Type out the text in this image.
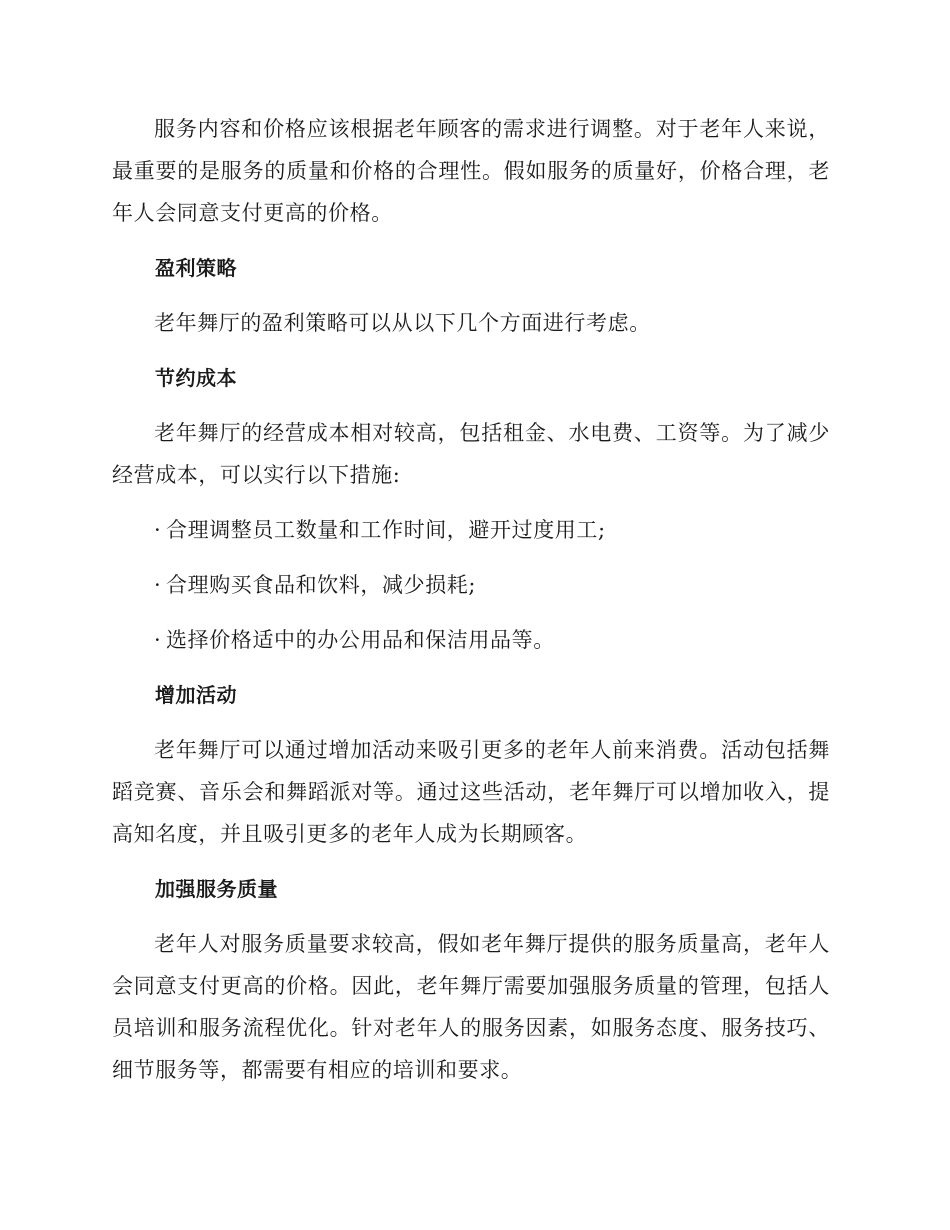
服务内容和价格应该根据老年顾客的需求进行调整。对于老年人来说，最重要的是服务的质量和价格的合理性。假如服务的质量好，价格合理，老年人会同意支付更高的价格。

盈利策略

老年舞厅的盈利策略可以从以下几个方面进行考虑。

节约成本

老年舞厅的经营成本相对较高，包括租金、水电费、工资等。为了减少经营成本，可以实行以下措施:

· 合理调整员工数量和工作时间，避开过度用工;
· 合理购买食品和饮料，减少损耗;
· 选择价格适中的办公用品和保洁用品等。
增加活动

老年舞厅可以通过增加活动来吸引更多的老年人前来消费。活动包括舞蹈竞赛、音乐会和舞蹈派对等。通过这些活动，老年舞厅可以增加收入，提高知名度，并且吸引更多的老年人成为长期顾客。

加强服务质量

老年人对服务质量要求较高，假如老年舞厅提供的服务质量高，老年人会同意支付更高的价格。因此，老年舞厅需要加强服务质量的管理，包括人员培训和服务流程优化。针对老年人的服务因素，如服务态度、服务技巧、细节服务等，都需要有相应的培训和要求。
